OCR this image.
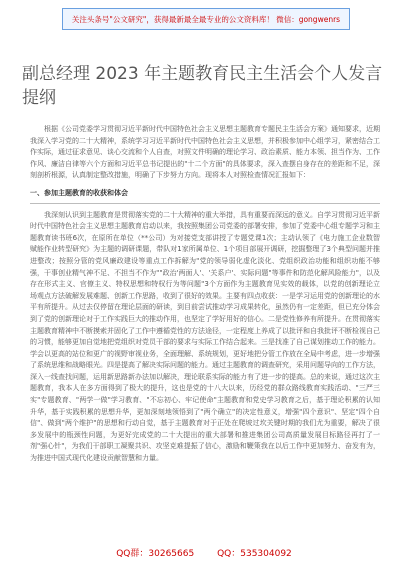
关注头条号"公文研究"，获得最新最全最专业的公文资料库！ 微信：gongwenrs
副总经理 2023 年主题教育民主生活会个人发言提纲

根据《公司党委学习贯彻习近平新时代中国特色社会主义思想主题教育专题民主生活会方案》通知要求，近期我深入学习党的二十大精神，系统学习习近平新时代中国特色社会主义思想，并积极参加中心组学习，紧密结合工作实际，通过征求意见、谈心交流和个人自查，对照文件明确的理论学习、政治素质、能力本领、担当作为、工作作风、廉洁自律等六个方面和习近平总书记提出的"十二个方面"的具体要求，深入查摆自身存在的差距和不足，深刻剖析根源，认真制定整改措施，明确了下步努力方向。现将本人对照检查情况汇报如下：

一、参加主题教育的收获和体会

我深刻认识到主题教育是贯彻落实党的二十大精神的重大举措，具有重要而深远的意义。自学习贯彻习近平新时代中国特色社会主义思想主题教育启动以来，我按照集团公司党委的部署安排，参加了党委中心组专题学习和主题教育读书班6次，在原所在单位（**公司）为对接党支部讲授了专题党课1次；主动认领了《电力施工企业数智赋能作业转型研究》为主题的调研课题，带队对1家所属单位、1个项目部展开调研，挖掘整理了3个典型问题并推进整改；按照分管的党风廉政建设等重点工作拆解为"党的领导弱化虚化淡化、党组织政治功能和组织功能不够强，干事创业精气神不足、不担当不作为""政治'两面人'、'关系户'、实际问题"等事件和防范化解风险能力"，以及存在形式主义、官僚主义、特权思想和特权行为等问题"3个方面作为主题教育见实效的载体，以党的创新理论立场观点方法破解发展难题、创新工作思路，收到了很好的效果。主要有四点收获：一是学习运用党的创新理论的水平有所提升。从过去仅停留在理论层面的研读，到目前尝试推动学习成果转化，虽然仍有一定差距，但已充分体会到了党的创新理论对于工作实践巨大的推动作用，也坚定了学好用好的信心。二是党性修养有所提升。在贯彻落实主题教育精神中不断摸索并固化了工作中遵循党性的方法途径，一定程度上养成了以批评和自我批评不断检视自己的习惯，能够更加自觉地把党组织对党员干部的要求与实际工作结合起来。三是找准了自己谋划推动工作的能力。学会以更高的站位和更广的视野审视业务，全面理解、系统规划，更好地把分管工作放在全局中考虑，进一步增强了系统思维和战略眼光。四是提高了解决实际问题的能力。通过主题教育的调查研究，采用问题导向的工作方法，深入一线查找问题，运用新思路新办法加以解决，理论联系实际的能力有了进一步的提高。总的来说，通过这次主题教育，我本人在多方面得到了极大的提升，这也是党的十八大以来，历经党的群众路线教育实践活动、"三严三实"专题教育、"两学一做"学习教育、"不忘初心、牢记使命"主题教育和党史学习教育之后，基于理论积累的认知升华，基于实践积累的思想升华，更加深刻地领悟到了"两个确立"的决定性意义，增强"四个意识"、坚定"四个自信"、做到"两个维护"的思想和行动自觉，基于主题教育对于正处在爬坡过坎关键时期的我们尤为重要，解决了很多发展中的瓶颈性问题，为更好完成党的二十大提出的重大部署和推进集团公司高质量发展目标路径再打了一剂"强心针"，为我们干部职工凝聚共识、攻坚克难提振了信心，激励和鞭策我在以后工作中更加努力、奋发有为，为推进中国式现代化建设贡献智慧和力量。

QQ群：30265665	QQ：535304092
